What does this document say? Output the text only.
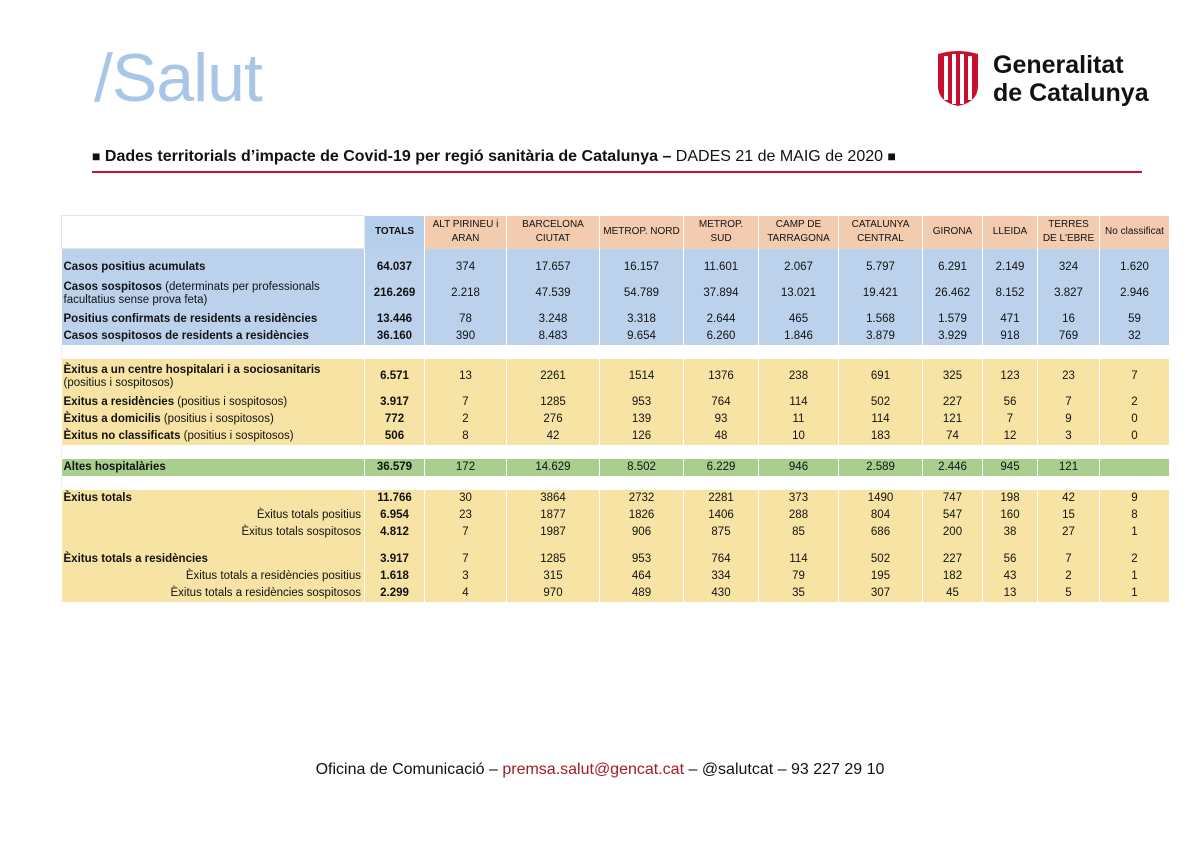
/Salut	Generalitat
de Catalunya
■ Dades territorials d’impacte de Covid-19 per regió sanitària de Catalunya – DADES 21 de MAIG de 2020 ■
	TOTALS	ALT PIRINEU i ARAN	BARCELONA CIUTAT	METROP. NORD	METROP. SUD	CAMP DE TARRAGONA	CATALUNYA CENTRAL	GIRONA	LLEIDA	TERRES DE L'EBRE	No classificat

Casos positius acumulats	64.037	374	17.657	16.157	11.601	2.067	5.797	6.291	2.149	324	1.620
Casos sospitosos (determinats per professionals facultatius sense prova feta)	216.269	2.218	47.539	54.789	37.894	13.021	19.421	26.462	8.152	3.827	2.946
Positius confirmats de residents a residències	13.446	78	3.248	3.318	2.644	465	1.568	1.579	471	16	59
Casos sospitosos de residents a residències	36.160	390	8.483	9.654	6.260	1.846	3.879	3.929	918	769	32

Èxitus a un centre hospitalari i a sociosanitaris (positius i sospitosos)	6.571	13	2261	1514	1376	238	691	325	123	23	7
Exitus a residències (positius i sospitosos)	3.917	7	1285	953	764	114	502	227	56	7	2
Èxitus a domicilis (positius i sospitosos)	772	2	276	139	93	11	114	121	7	9	0
Èxitus no classificats (positius i sospitosos)	506	8	42	126	48	10	183	74	12	3	0

Altes hospitalàries	36.579	172	14.629	8.502	6.229	946	2.589	2.446	945	121	

Èxitus totals	11.766	30	3864	2732	2281	373	1490	747	198	42	9
Èxitus totals positius	6.954	23	1877	1826	1406	288	804	547	160	15	8
Èxitus totals sospitosos	4.812	7	1987	906	875	85	686	200	38	27	1

Èxitus totals a residències	3.917	7	1285	953	764	114	502	227	56	7	2
Èxitus totals a residències positius	1.618	3	315	464	334	79	195	182	43	2	1
Èxitus totals a residències sospitosos	2.299	4	970	489	430	35	307	45	13	5	1
Oficina de Comunicació – premsa.salut@gencat.cat – @salutcat – 93 227 29 10
